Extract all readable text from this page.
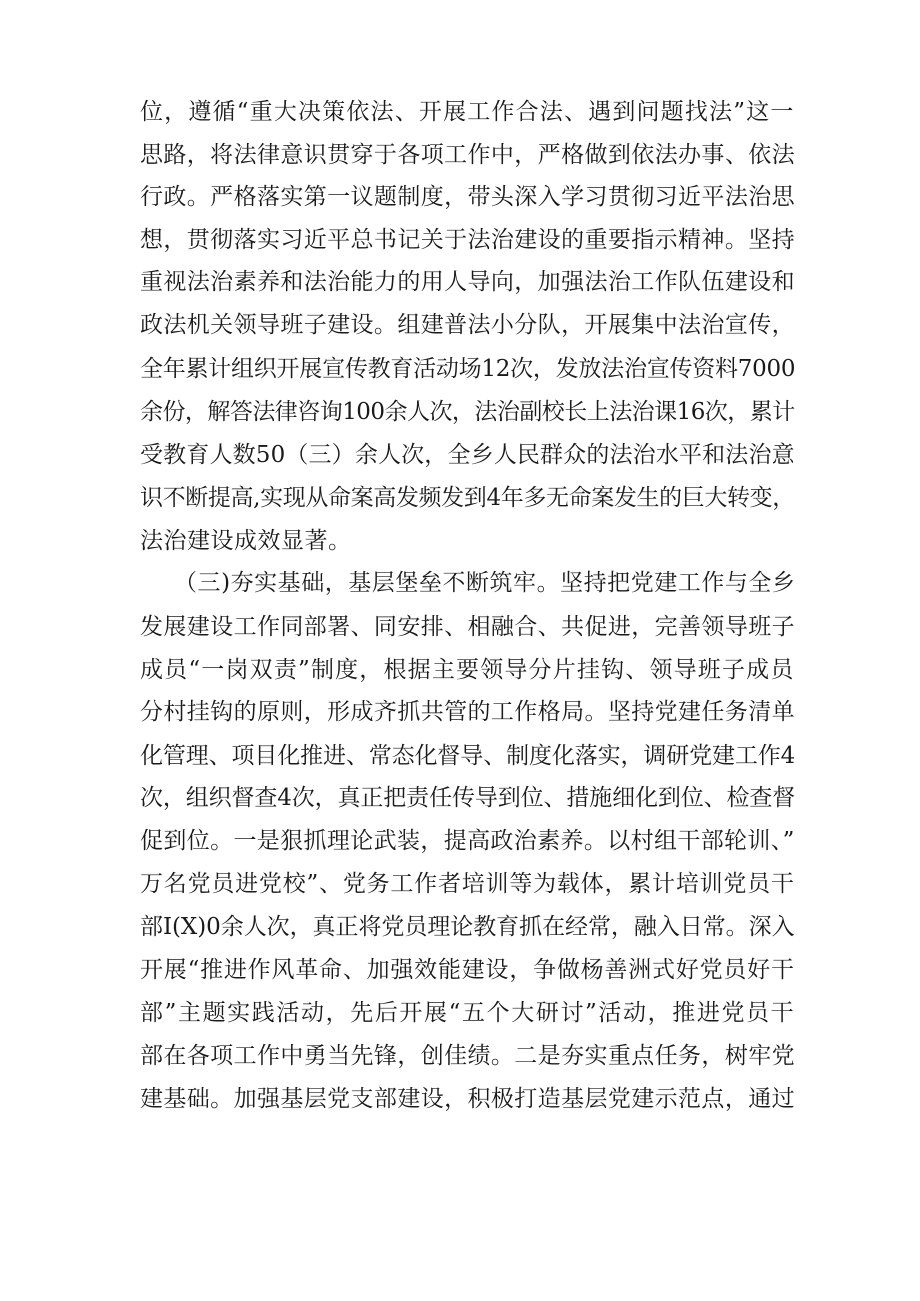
位，遵循“重大决策依法、开展工作合法、遇到问题找法”这一
思路，将法律意识贯穿于各项工作中，严格做到依法办事、依法
行政。严格落实第一议题制度，带头深入学习贯彻习近平法治思
想，贯彻落实习近平总书记关于法治建设的重要指示精神。坚持
重视法治素养和法治能力的用人导向，加强法治工作队伍建设和
政法机关领导班子建设。组建普法小分队，开展集中法治宣传，
全年累计组织开展宣传教育活动场12次，发放法治宣传资料7000
余份，解答法律咨询100余人次，法治副校长上法治课16次，累计
受教育人数50（三）余人次，全乡人民群众的法治水平和法治意
识不断提高,实现从命案高发频发到4年多无命案发生的巨大转变，
法治建设成效显著。
（三)夯实基础，基层堡垒不断筑牢。坚持把党建工作与全乡
发展建设工作同部署、同安排、相融合、共促进，完善领导班子
成员“一岗双责”制度，根据主要领导分片挂钩、领导班子成员
分村挂钩的原则，形成齐抓共管的工作格局。坚持党建任务清单
化管理、项目化推进、常态化督导、制度化落实，调研党建工作4
次，组织督查4次，真正把责任传导到位、措施细化到位、检查督
促到位。一是狠抓理论武装，提高政治素养。以村组干部轮训、”
万名党员进党校”、党务工作者培训等为载体，累计培训党员干
部I(X)0余人次，真正将党员理论教育抓在经常，融入日常。深入
开展“推进作风革命、加强效能建设，争做杨善洲式好党员好干
部”主题实践活动，先后开展“五个大研讨”活动，推进党员干
部在各项工作中勇当先锋，创佳绩。二是夯实重点任务，树牢党
建基础。加强基层党支部建设，积极打造基层党建示范点，通过
